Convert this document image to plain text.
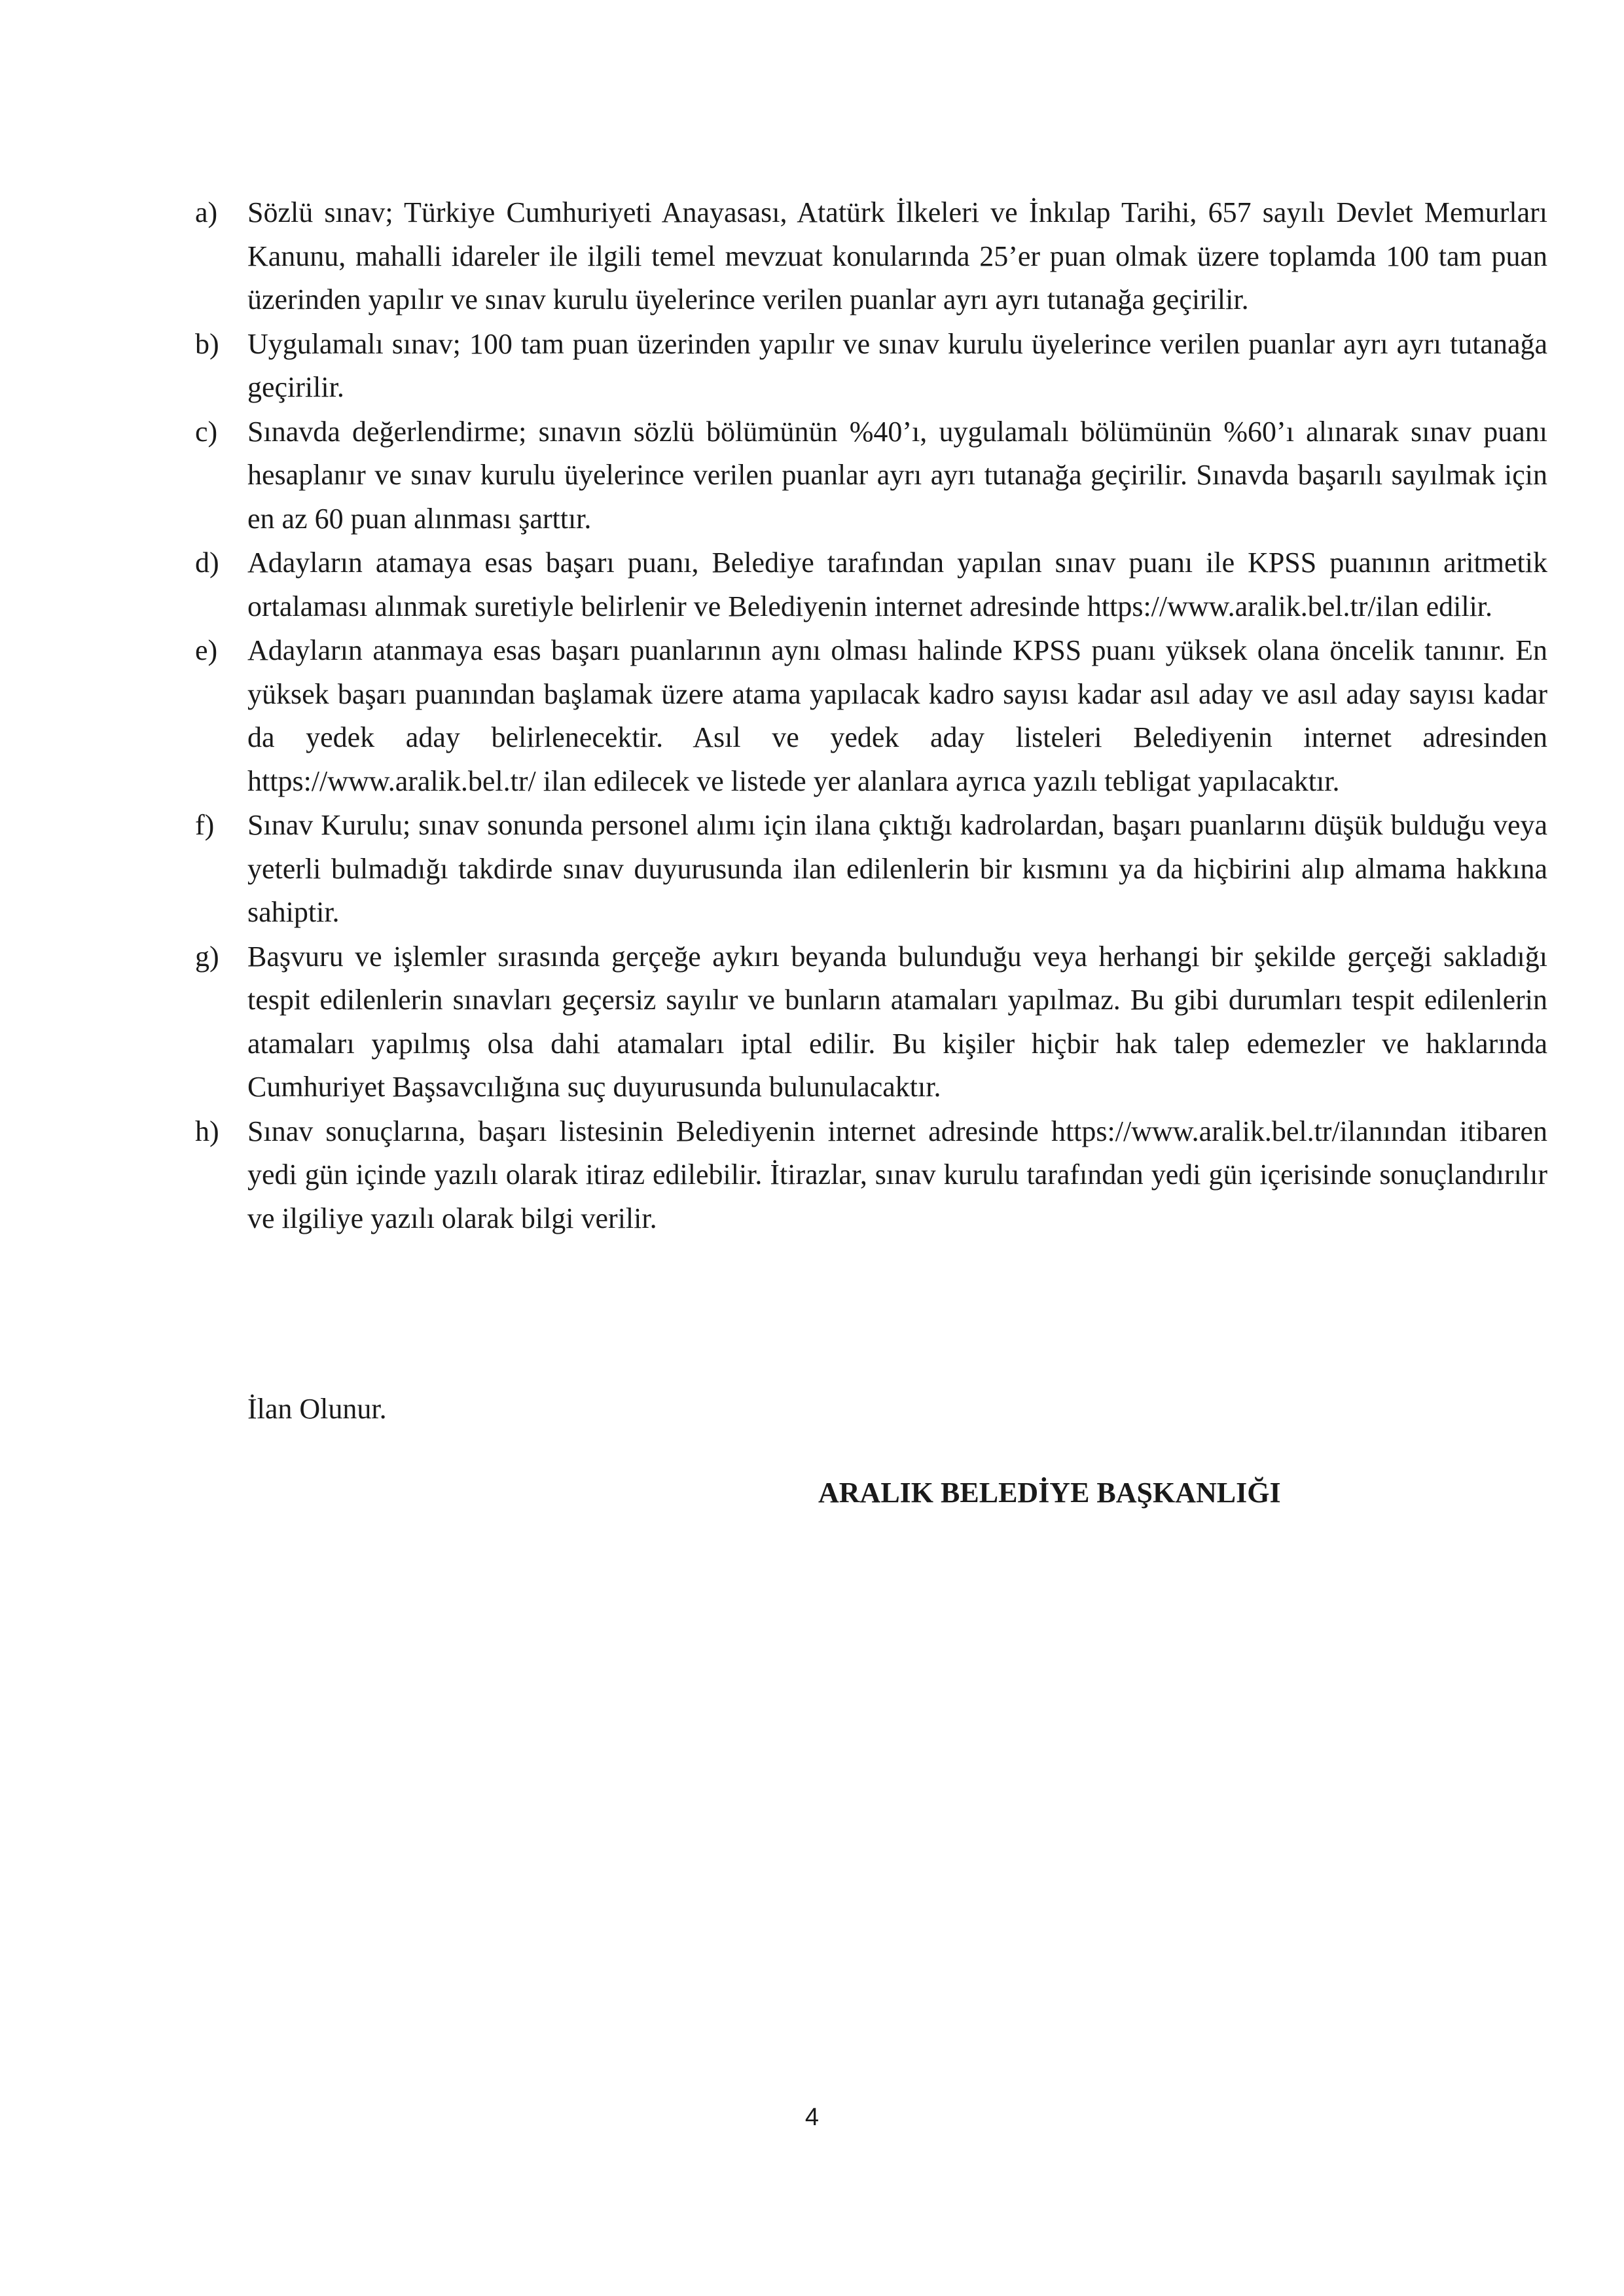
a)	Sözlü sınav; Türkiye Cumhuriyeti Anayasası, Atatürk İlkeleri ve İnkılap Tarihi, 657 sayılı Devlet Memurları Kanunu, mahalli idareler ile ilgili temel mevzuat konularında 25’er puan olmak üzere toplamda 100 tam puan üzerinden yapılır ve sınav kurulu üyelerince verilen puanlar ayrı ayrı tutanağa geçirilir.
b) Uygulamalı sınav; 100 tam puan üzerinden yapılır ve sınav kurulu üyelerince verilen puanlar ayrı ayrı tutanağa geçirilir.
c)	Sınavda değerlendirme; sınavın sözlü bölümünün %40’ı, uygulamalı bölümünün %60’ı alınarak sınav puanı hesaplanır ve sınav kurulu üyelerince verilen puanlar ayrı ayrı tutanağa geçirilir. Sınavda başarılı sayılmak için en az 60 puan alınması şarttır.
d) Adayların atamaya esas başarı puanı, Belediye tarafından yapılan sınav puanı ile KPSS puanının aritmetik ortalaması alınmak suretiyle belirlenir ve Belediyenin internet adresinde https://www.aralik.bel.tr/ilan edilir.
e)	Adayların atanmaya esas başarı puanlarının aynı olması halinde KPSS puanı yüksek olana öncelik tanınır. En yüksek başarı puanından başlamak üzere atama yapılacak kadro sayısı kadar asıl aday ve asıl aday sayısı kadar da yedek aday belirlenecektir. Asıl ve yedek aday listeleri Belediyenin internet adresinden https://www.aralik.bel.tr/ ilan edilecek ve listede yer alanlara ayrıca yazılı tebligat yapılacaktır.
f)	Sınav Kurulu; sınav sonunda personel alımı için ilana çıktığı kadrolardan, başarı puanlarını düşük bulduğu veya yeterli bulmadığı takdirde sınav duyurusunda ilan edilenlerin bir kısmını ya da hiçbirini alıp almama hakkına sahiptir.
g) Başvuru ve işlemler sırasında gerçeğe aykırı beyanda bulunduğu veya herhangi bir şekilde gerçeği sakladığı tespit edilenlerin sınavları geçersiz sayılır ve bunların atamaları yapılmaz. Bu gibi durumları tespit edilenlerin atamaları yapılmış olsa dahi atamaları iptal edilir. Bu kişiler hiçbir hak talep edemezler ve haklarında Cumhuriyet Başsavcılığına suç duyurusunda bulunulacaktır.
h) Sınav sonuçlarına, başarı listesinin Belediyenin internet adresinde https://www.aralik.bel.tr/ilanından itibaren yedi gün içinde yazılı olarak itiraz edilebilir. İtirazlar, sınav kurulu tarafından yedi gün içerisinde sonuçlandırılır ve ilgiliye yazılı olarak bilgi verilir.

İlan Olunur.

ARALIK BELEDİYE BAŞKANLIĞI

4
